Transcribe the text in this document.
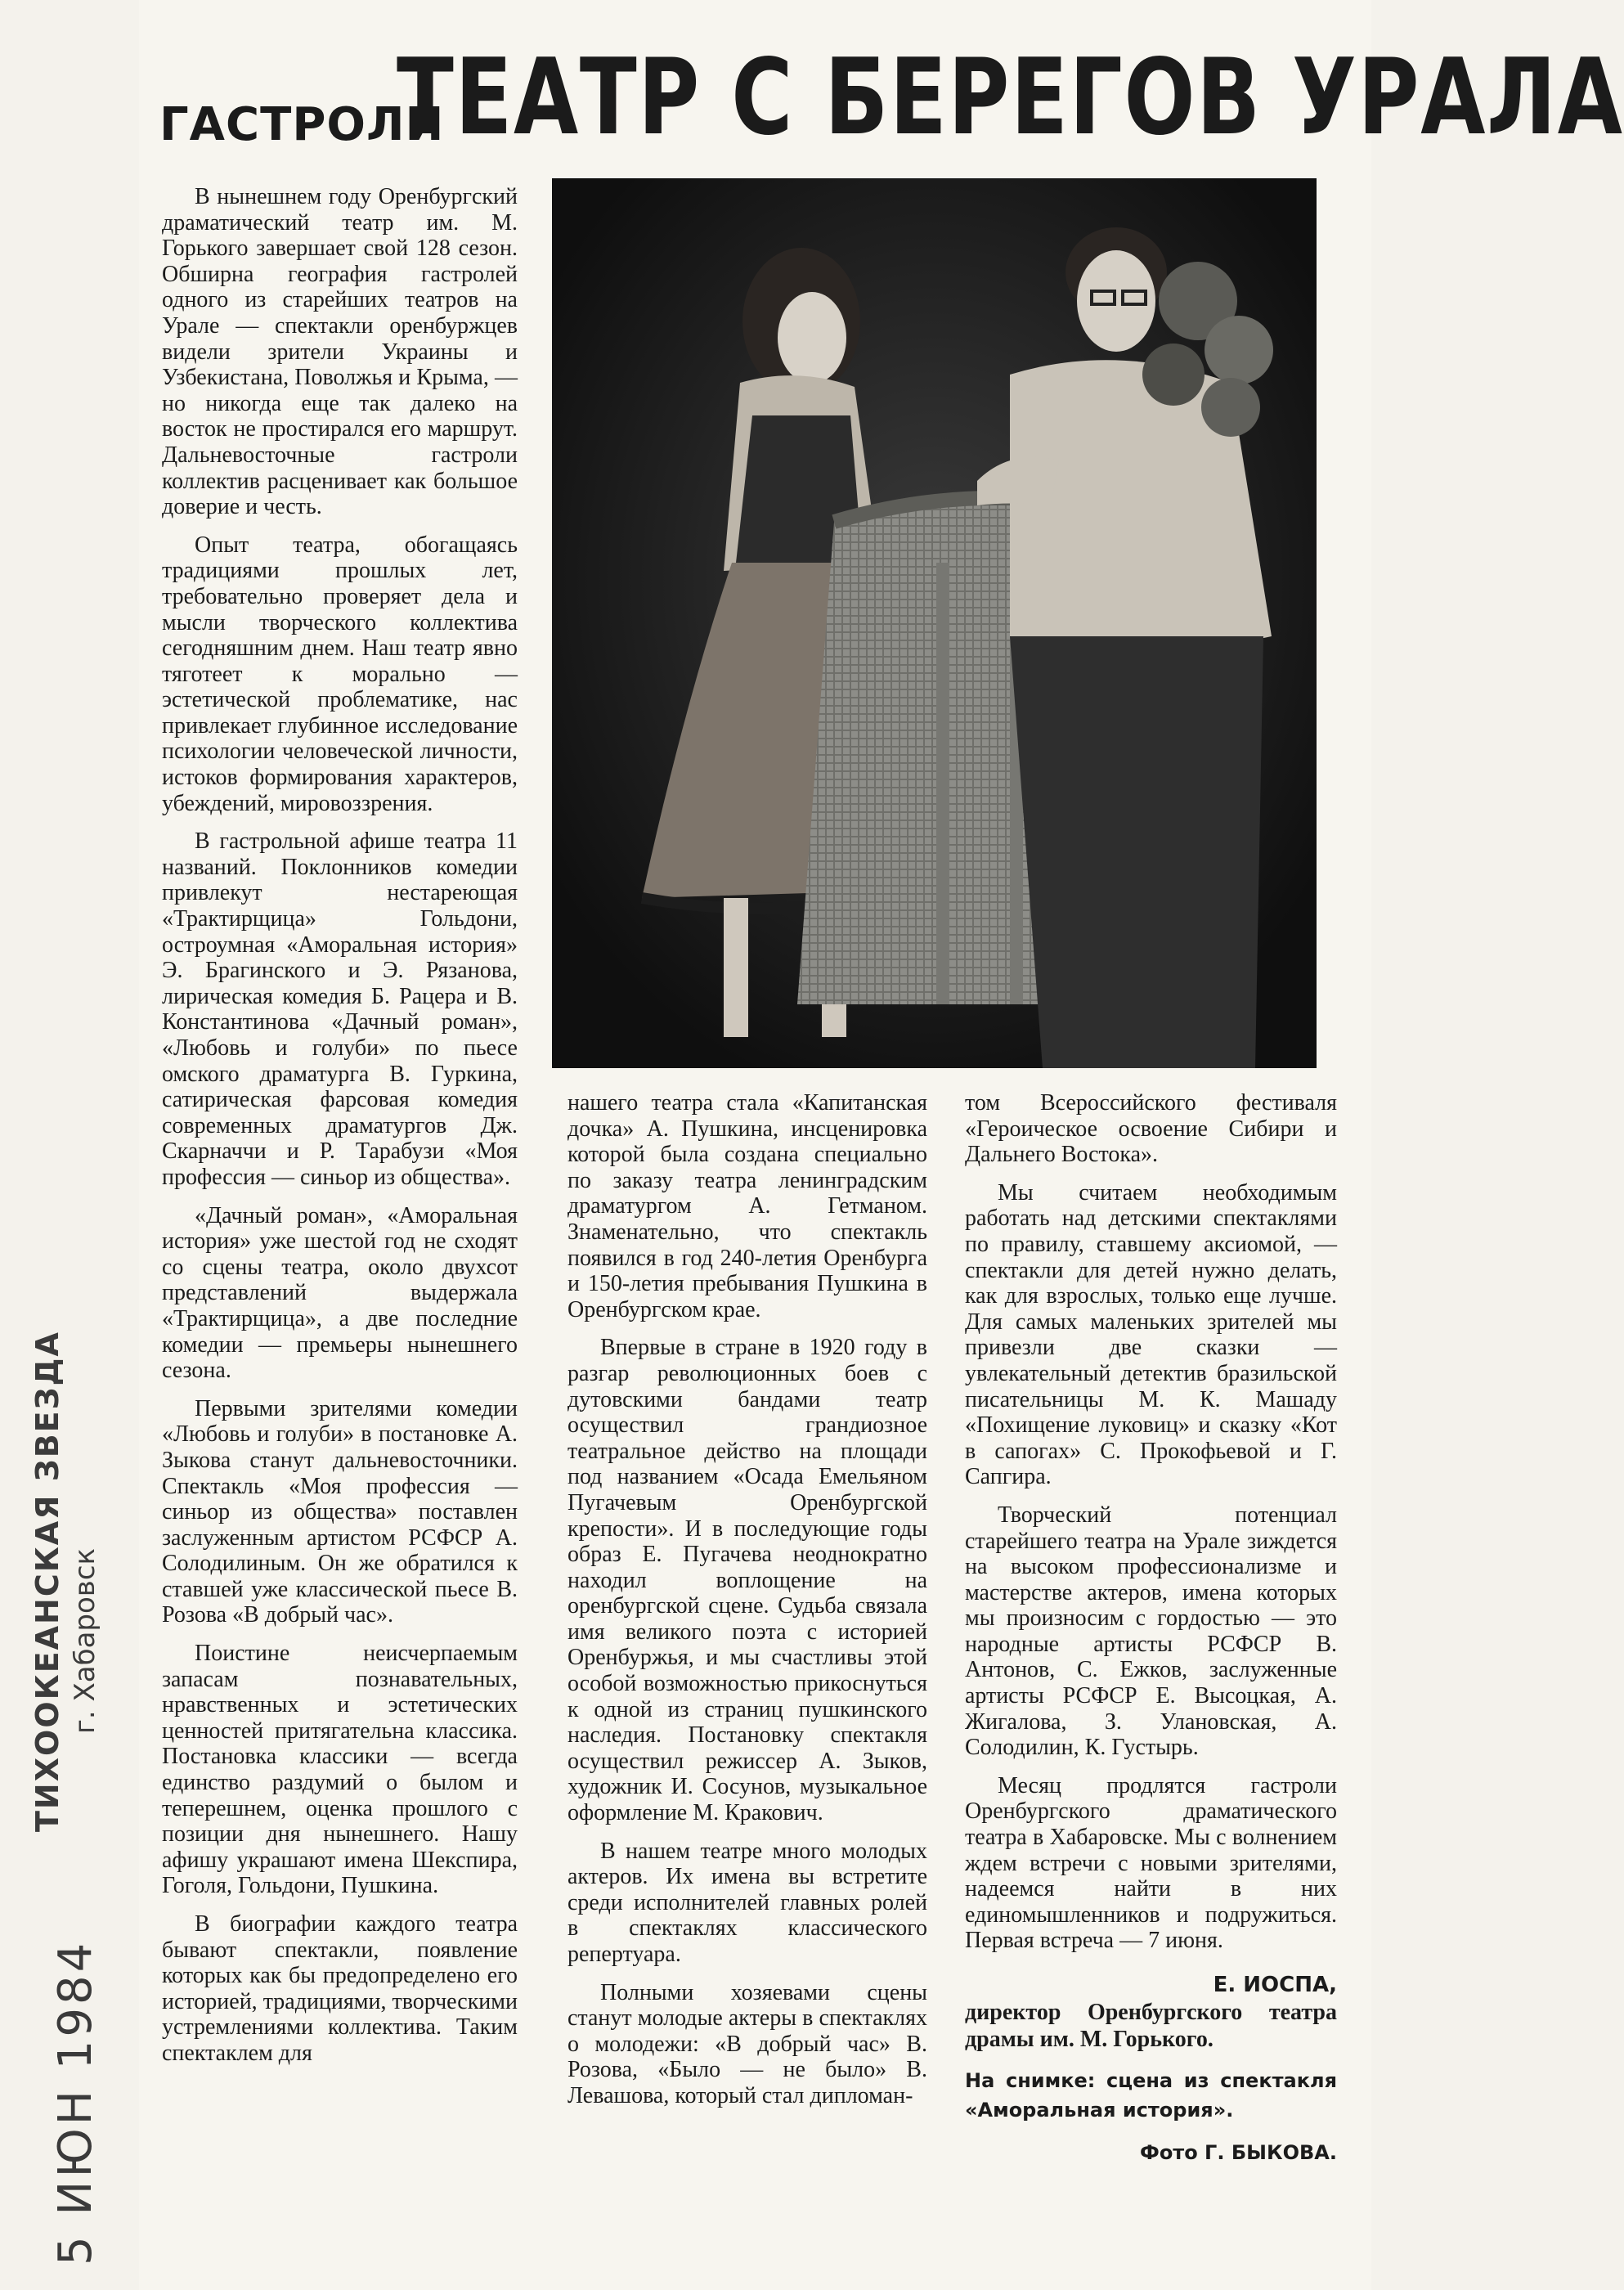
ТИХООКЕАНСКАЯ ЗВЕЗДА г. Хабаровск
5 ИЮН 1984
ГАСТРОЛИ
ТЕАТР С БЕРЕГОВ УРАЛА

В нынешнем году Оренбургский драматический театр им. М. Горького завершает свой 128 сезон. Обширна география гастролей одного из старейших театров на Урале — спектакли оренбуржцев видели зрители Украины и Узбекистана, Поволжья и Крыма, — но никогда еще так далеко на восток не простирался его маршрут. Дальневосточные гастроли коллектив расценивает как большое доверие и честь.

Опыт театра, обогащаясь традициями прошлых лет, требовательно проверяет дела и мысли творческого коллектива сегодняшним днем. Наш театр явно тяготеет к морально — эстетической проблематике, нас привлекает глубинное исследование психологии человеческой личности, истоков формирования характеров, убеждений, мировоззрения.

В гастрольной афише театра 11 названий. Поклонников комедии привлекут нестареющая «Трактирщица» Гольдони, остроумная «Аморальная история» Э. Брагинского и Э. Рязанова, лирическая комедия Б. Рацера и В. Константинова «Дачный роман», «Любовь и голуби» по пьесе омского драматурга В. Гуркина, сатирическая фарсовая комедия современных драматургов Дж. Скарначчи и Р. Тарабузи «Моя профессия — синьор из общества».

«Дачный роман», «Аморальная история» уже шестой год не сходят со сцены театра, около двухсот представлений выдержала «Трактирщица», а две последние комедии — премьеры нынешнего сезона.

Первыми зрителями комедии «Любовь и голуби» в постановке А. Зыкова станут дальневосточники. Спектакль «Моя профессия — синьор из общества» поставлен заслуженным артистом РСФСР А. Солодилиным. Он же обратился к ставшей уже классической пьесе В. Розова «В добрый час».

Поистине неисчерпаемым запасам познавательных, нравственных и эстетических ценностей притягательна классика. Постановка классики — всегда единство раздумий о былом и теперешнем, оценка прошлого с позиции дня нынешнего. Нашу афишу украшают имена Шекспира, Гоголя, Гольдони, Пушкина.

В биографии каждого театра бывают спектакли, появление которых как бы предопределено его историей, традициями, творческими устремлениями коллектива. Таким спектаклем для

нашего театра стала «Капитанская дочка» А. Пушкина, инсценировка которой была создана специально по заказу театра ленинградским драматургом А. Гетманом. Знаменательно, что спектакль появился в год 240-летия Оренбурга и 150-летия пребывания Пушкина в Оренбургском крае.

Впервые в стране в 1920 году в разгар революционных боев с дутовскими бандами театр осуществил грандиозное театральное действо на площади под названием «Осада Емельяном Пугачевым Оренбургской крепости». И в последующие годы образ Е. Пугачева неоднократно находил воплощение на оренбургской сцене. Судьба связала имя великого поэта с историей Оренбуржья, и мы счастливы этой особой возможностью прикоснуться к одной из страниц пушкинского наследия. Постановку спектакля осуществил режиссер А. Зыков, художник И. Сосунов, музыкальное оформление М. Кракович.

В нашем театре много молодых актеров. Их имена вы встретите среди исполнителей главных ролей в спектаклях классического репертуара.

Полными хозяевами сцены станут молодые актеры в спектаклях о молодежи: «В добрый час» В. Розова, «Было — не было» В. Левашова, который стал дипломан-

том Всероссийского фестиваля «Героическое освоение Сибири и Дальнего Востока».

Мы считаем необходимым работать над детскими спектаклями по правилу, ставшему аксиомой, — спектакли для детей нужно делать, как для взрослых, только еще лучше. Для самых маленьких зрителей мы привезли две сказки — увлекательный детектив бразильской писательницы М. К. Машаду «Похищение луковиц» и сказку «Кот в сапогах» С. Прокофьевой и Г. Сапгира.

Творческий потенциал старейшего театра на Урале зиждется на высоком профессионализме и мастерстве актеров, имена которых мы произносим с гордостью — это народные артисты РСФСР В. Антонов, С. Ежков, заслуженные артисты РСФСР Е. Высоцкая, А. Жигалова, З. Улановская, А. Солодилин, К. Густырь.

Месяц продлятся гастроли Оренбургского драматического театра в Хабаровске. Мы с волнением ждем встречи с новыми зрителями, надеемся найти в них единомышленников и подружиться. Первая встреча — 7 июня.

Е. ИОСПА,
директор Оренбургского театра драмы им. М. Горького.
На снимке: сцена из спектакля «Аморальная история».
Фото Г. БЫКОВА.
